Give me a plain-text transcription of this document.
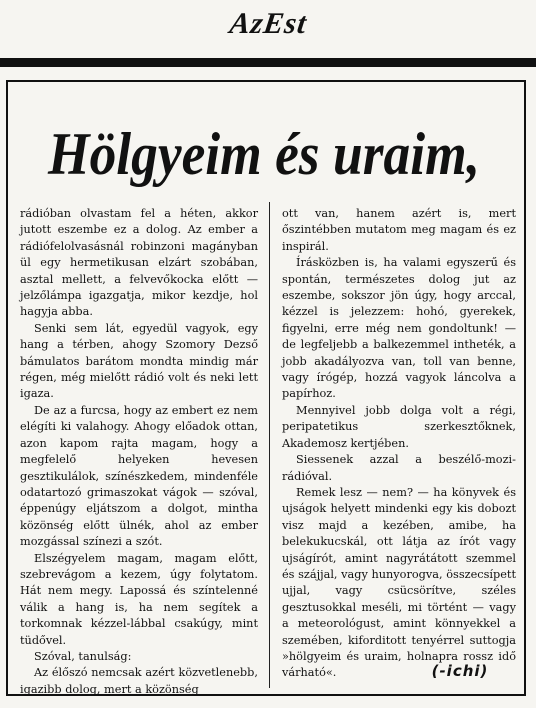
AzEst
Hölgyeim és uraim,

rádióban olvastam fel a héten, akkor jutott eszembe ez a dolog. Az ember a rádiófelolvasásnál robinzoni magányban ül egy hermetikusan elzárt szobában, asztal mellett, a felvevőkocka előtt — jelzőlámpa igazgatja, mikor kezdje, hol hagyja abba.

Senki sem lát, egyedül vagyok, egy hang a térben, ahogy Szomory Dezső bámulatos barátom mondta mindig már régen, még mielőtt rádió volt és neki lett igaza.

De az a furcsa, hogy az embert ez nem elégíti ki valahogy. Ahogy előadok ottan, azon kapom rajta magam, hogy a megfelelő helyeken hevesen gesztikulálok, színészkedem, mindenféle odatartozó grimaszokat vágok — szóval, éppenúgy eljátszom a dolgot, mintha közönség előtt ülnék, ahol az ember mozgással színezi a szót.

Elszégyelem magam, magam előtt, szebrevágom a kezem, úgy folytatom. Hát nem megy. Lapossá és színtelenné válik a hang is, ha nem segítek a torkomnak kézzel-lábbal csakúgy, mint tüdővel.

Szóval, tanulság:

Az élőszó nemcsak azért közvetlenebb, igazibb dolog, mert a közönség

ott van, hanem azért is, mert őszintébben mutatom meg magam és ez inspirál.

Írásközben is, ha valami egyszerű és spontán, természetes dolog jut az eszembe, sokszor jön úgy, hogy arccal, kézzel is jelezzem: hohó, gyerekek, figyelni, erre még nem gondoltunk! — de legfeljebb a balkezemmel intheték, a jobb akadályozva van, toll van benne, vagy írógép, hozzá vagyok láncolva a papírhoz.

Mennyivel jobb dolga volt a régi, peripatetikus szerkesztőknek, Akademosz kertjében.

Siessenek azzal a beszélő-mozi-rádióval.

Remek lesz — nem? — ha könyvek és ujságok helyett mindenki egy kis dobozt visz majd a kezében, amibe, ha belekukucskál, ott látja az írót vagy ujságírót, amint nagyrátátott szemmel és szájjal, vagy hunyorogva, összecsípett ujjal, vagy csücsörítve, széles gesztusokkal meséli, mi történt — vagy a meteorológust, amint könnyekkel a szemében, kiforditott tenyérrel suttogja »hölgyeim és uraim, holnapra rossz idő várható«.	(-ichi)
